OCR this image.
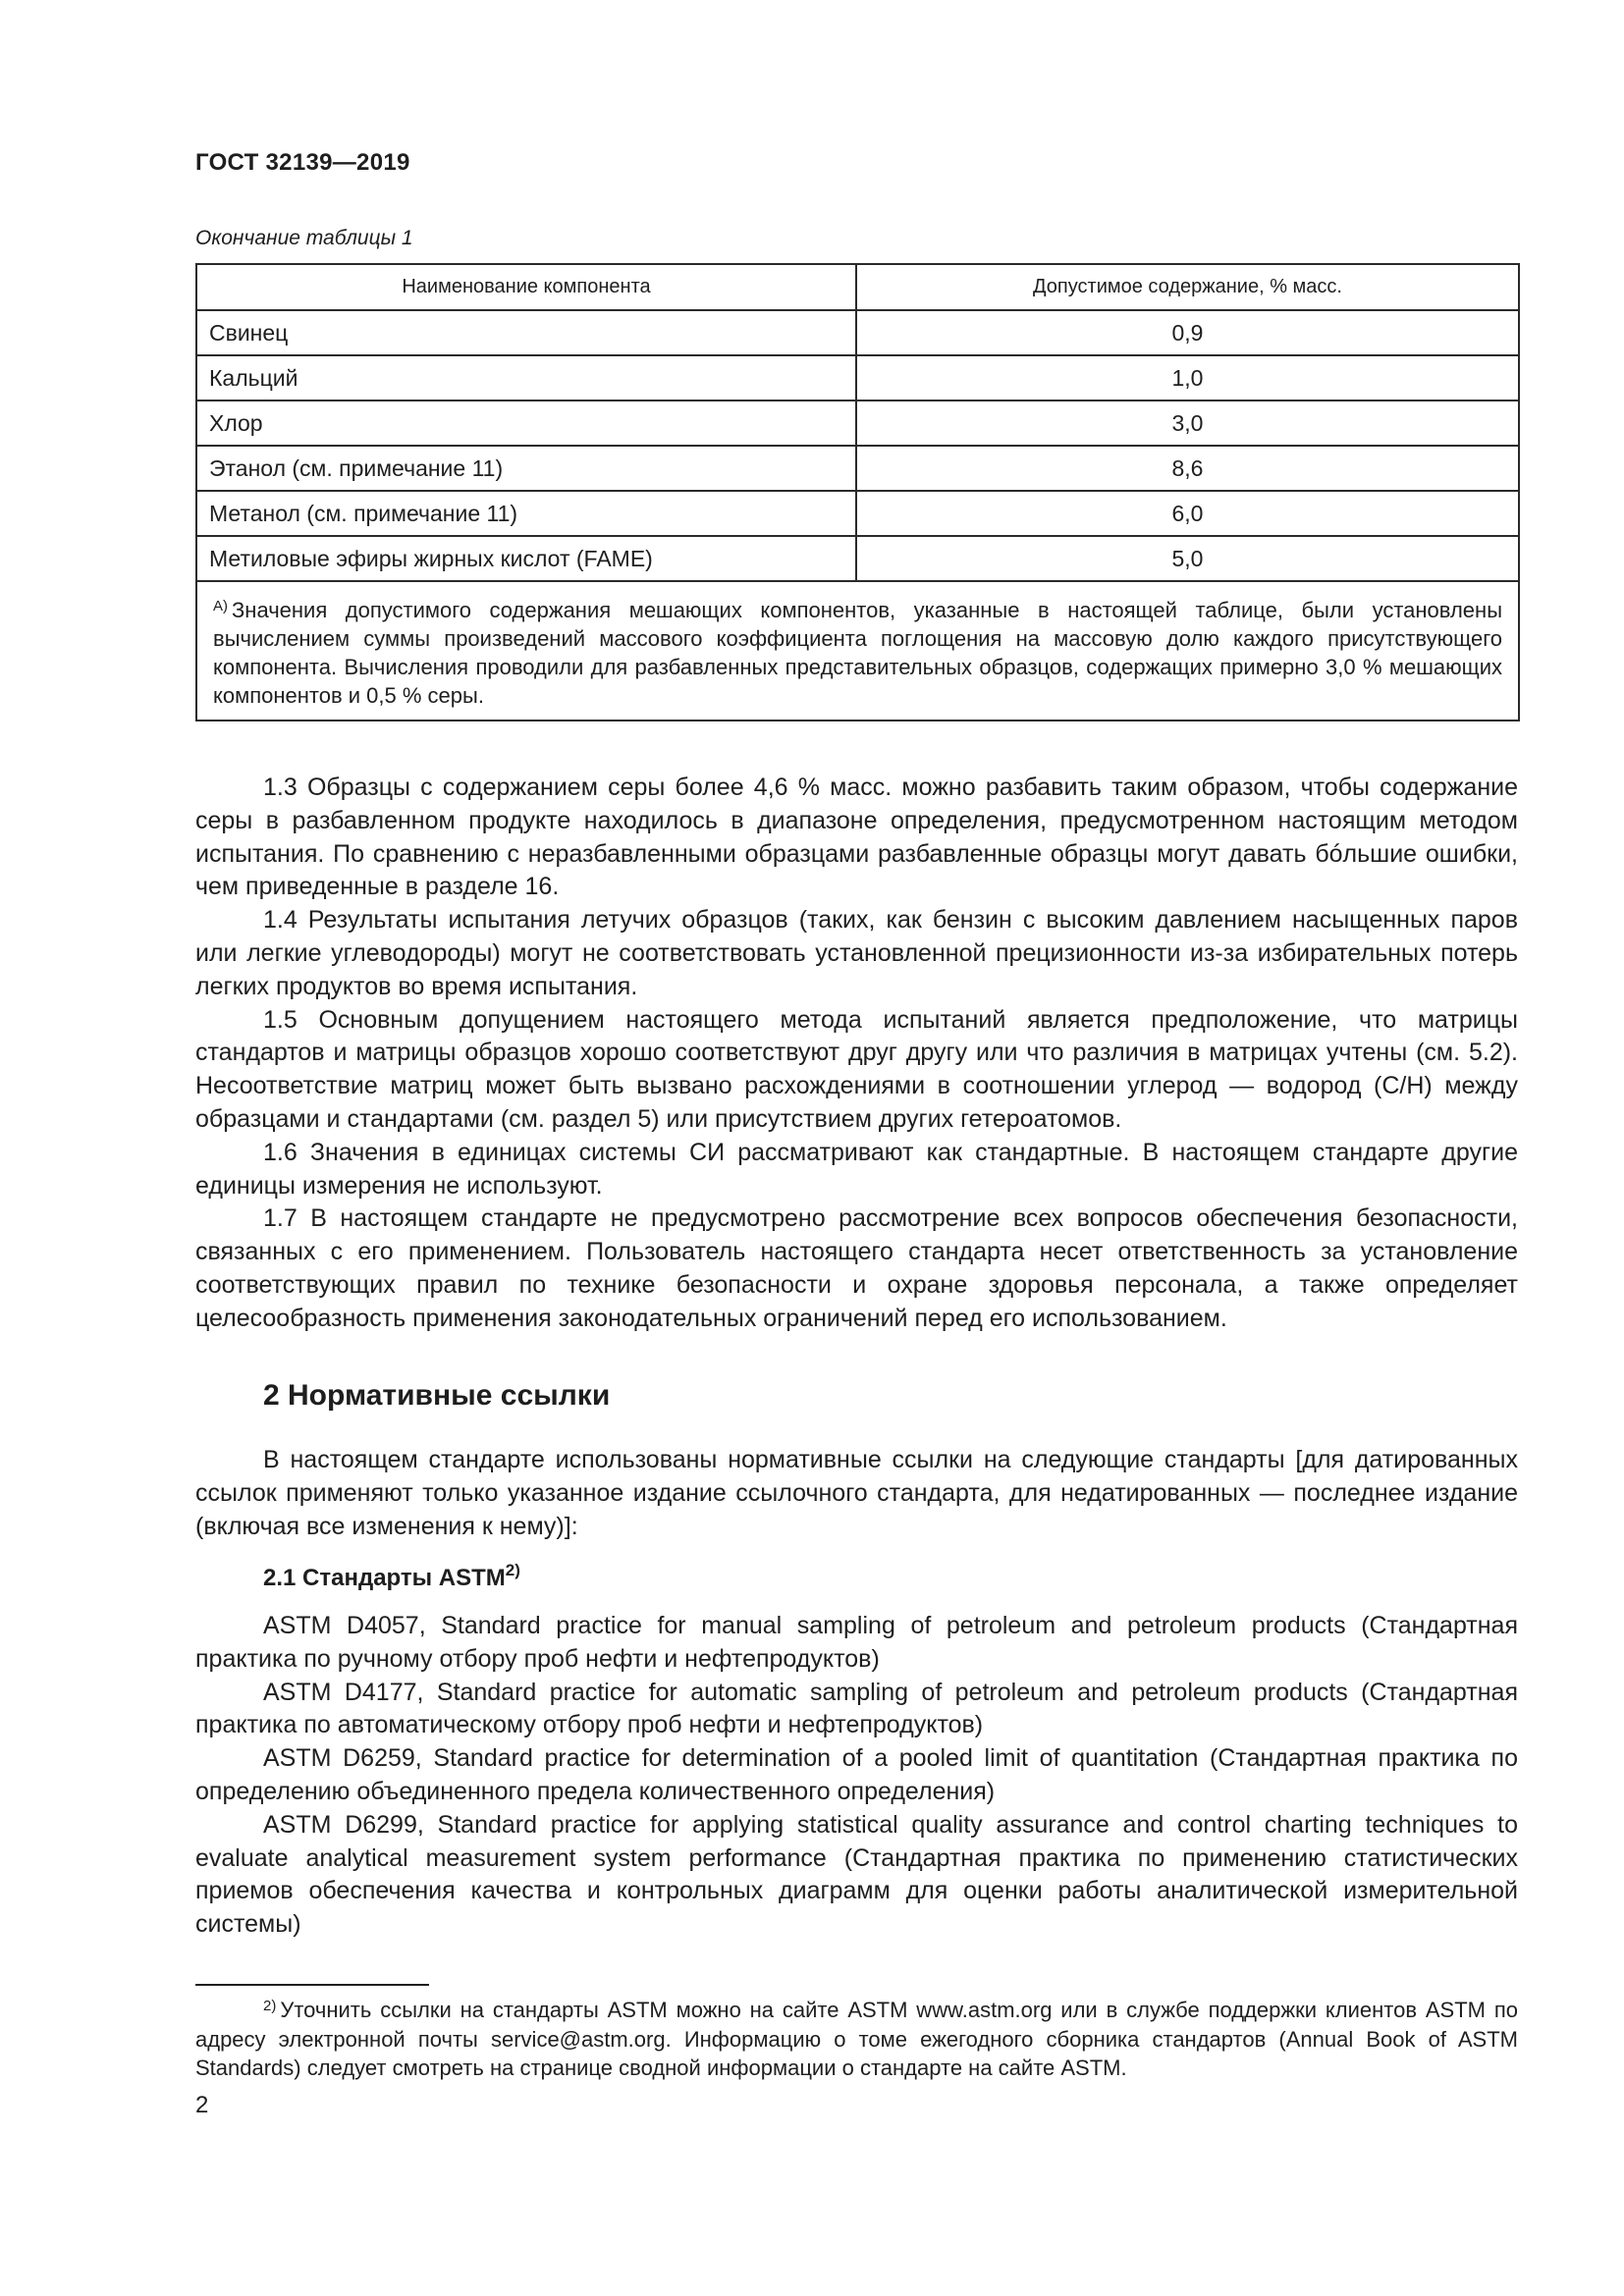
ГОСТ 32139—2019
Окончание таблицы 1
Наименование компонента	Допустимое содержание, % масс.
Свинец	0,9
Кальций	1,0
Хлор	3,0
Этанол (см. примечание 11)	8,6
Метанол (см. примечание 11)	6,0
Метиловые эфиры жирных кислот (FAME)	5,0
$^{А)}$ Значения допустимого содержания мешающих компонентов, указанные в настоящей таблице, были установлены вычислением суммы произведений массового коэффициента поглощения на массовую долю каждого присутствующего компонента. Вычисления проводили для разбавленных представительных образцов, содержащих примерно 3,0 % мешающих компонентов и 0,5 % серы.	

1.3 Образцы с содержанием серы более 4,6 % масс. можно разбавить таким образом, чтобы содержание серы в разбавленном продукте находилось в диапазоне определения, предусмотренном настоящим методом испытания. По сравнению с неразбавленными образцами разбавленные образцы могут давать бóльшие ошибки, чем приведенные в разделе 16.

1.4 Результаты испытания летучих образцов (таких, как бензин с высоким давлением насыщенных паров или легкие углеводороды) могут не соответствовать установленной прецизионности из-за избирательных потерь легких продуктов во время испытания.

1.5 Основным допущением настоящего метода испытаний является предположение, что матрицы стандартов и матрицы образцов хорошо соответствуют друг другу или что различия в матрицах учтены (см. 5.2). Несоответствие матриц может быть вызвано расхождениями в соотношении углерод — водород (С/Н) между образцами и стандартами (см. раздел 5) или присутствием других гетероатомов.

1.6 Значения в единицах системы СИ рассматривают как стандартные. В настоящем стандарте другие единицы измерения не используют.

1.7 В настоящем стандарте не предусмотрено рассмотрение всех вопросов обеспечения безопасности, связанных с его применением. Пользователь настоящего стандарта несет ответственность за установление соответствующих правил по технике безопасности и охране здоровья персонала, а также определяет целесообразность применения законодательных ограничений перед его использованием.

2 Нормативные ссылки

В настоящем стандарте использованы нормативные ссылки на следующие стандарты [для датированных ссылок применяют только указанное издание ссылочного стандарта, для недатированных — последнее издание (включая все изменения к нему)]:

2.1 Стандарты ASTM$^{2)}$

ASTM D4057, Standard practice for manual sampling of petroleum and petroleum products (Стандартная практика по ручному отбору проб нефти и нефтепродуктов)

ASTM D4177, Standard practice for automatic sampling of petroleum and petroleum products (Стандартная практика по автоматическому отбору проб нефти и нефтепродуктов)

ASTM D6259, Standard practice for determination of a pooled limit of quantitation (Стандартная практика по определению объединенного предела количественного определения)

ASTM D6299, Standard practice for applying statistical quality assurance and control charting techniques to evaluate analytical measurement system performance (Стандартная практика по применению статистических приемов обеспечения качества и контрольных диаграмм для оценки работы аналитической измерительной системы)

$^{2)}$ Уточнить ссылки на стандарты ASTM можно на сайте ASTM www.astm.org или в службе поддержки клиентов ASTM по адресу электронной почты service@astm.org. Информацию о томе ежегодного сборника стандартов (Annual Book of ASTM Standards) следует смотреть на странице сводной информации о стандарте на сайте ASTM.
2
